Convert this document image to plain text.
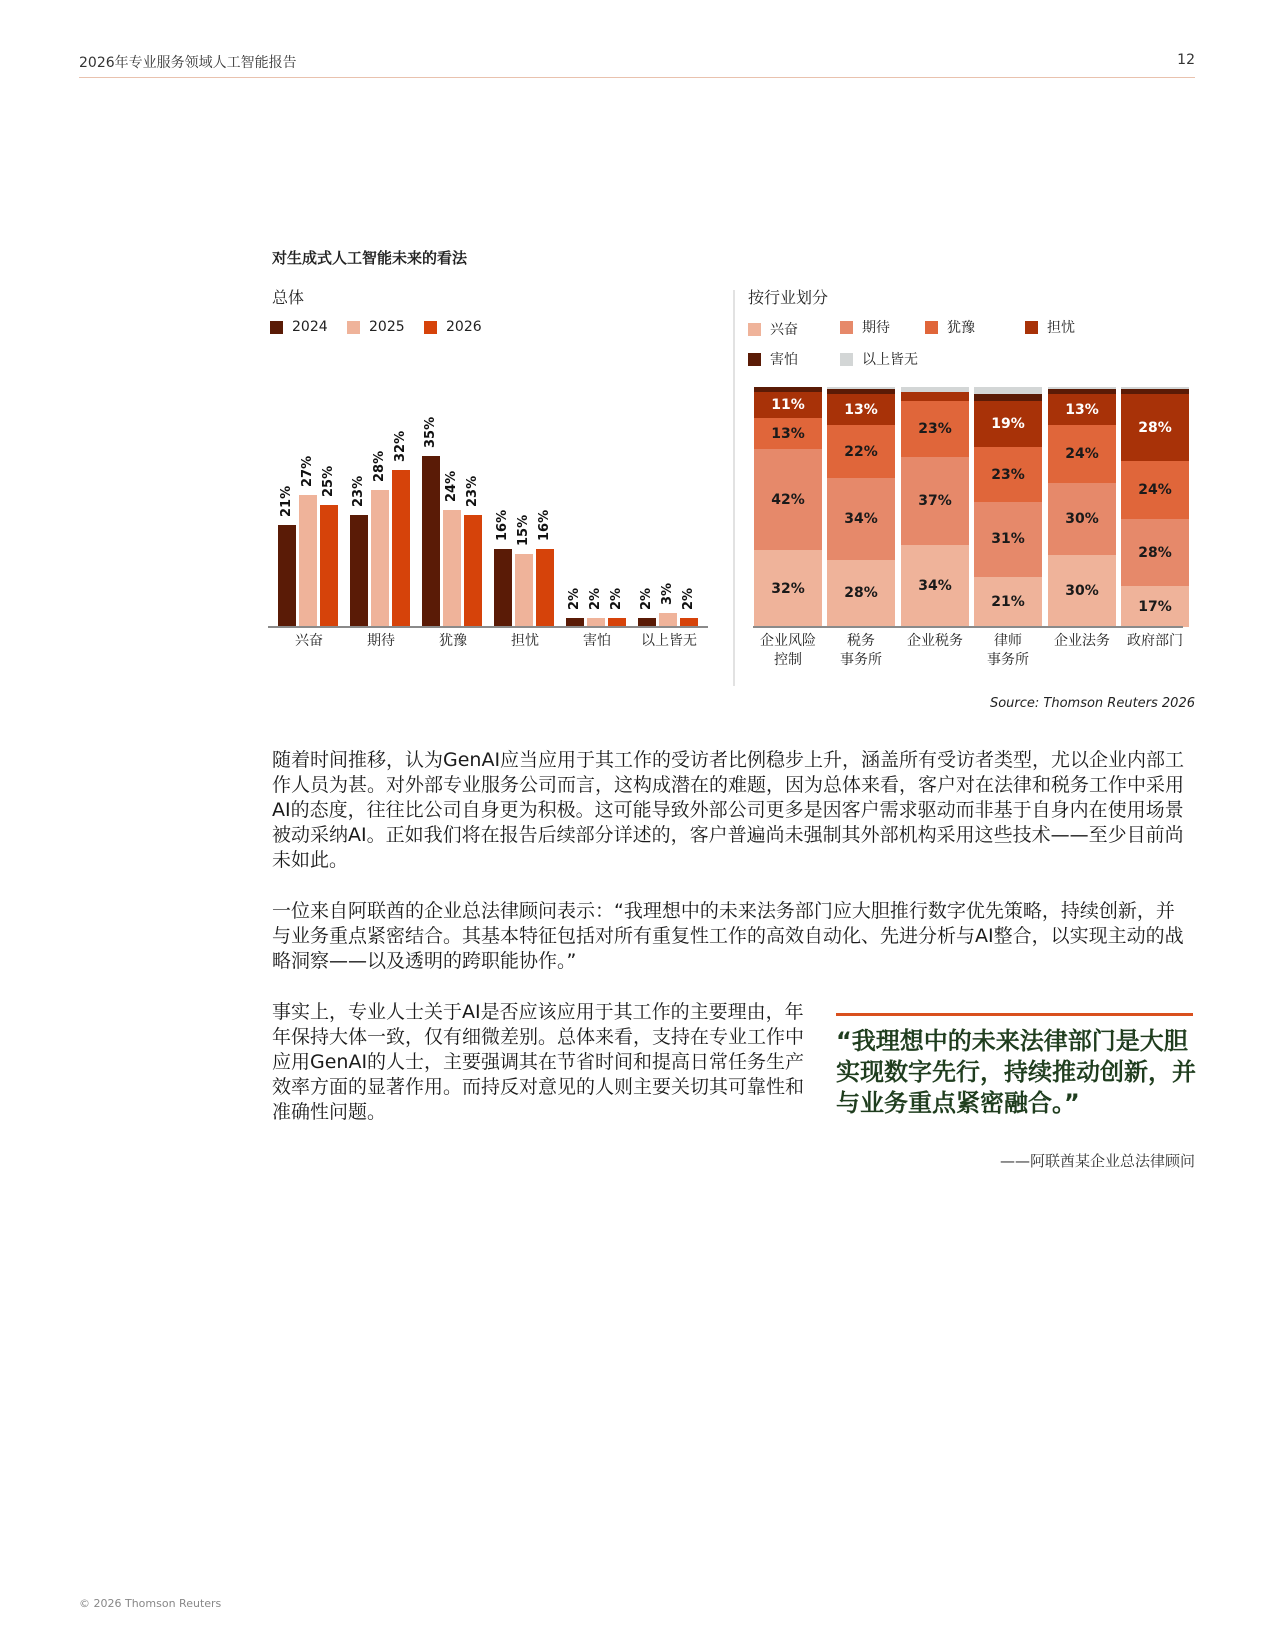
2026年专业服务领域人工智能报告	12
对生成式人工智能未来的看法
总体
2024	2025	2026
21%
27% 25% 23%
28%
32% 35%
24% 23%
16% 15% 16%
2% 2% 2% 2% 3% 2%
兴奋	期待	犹豫	担忧	害怕	以上皆无
按行业划分
兴奋	期待	犹豫	担忧
害怕	以上皆无
32%
42%
13%
11%
28%
34%
22%
13%
34%
37%
23%
21%
31%
23%
19%
30%
30%
24%
13%
17%
28%
24%
28%
企业风险
控制
税务
事务所
企业税务	律师
事务所
企业法务	政府部门
Source: Thomson Reuters 2026
随着时间推移，认为GenAI应当应用于其工作的受访者比例稳步上升，涵盖所有受访者类型，尤以企业内部工作人员为甚。对外部专业服务公司而言，这构成潜在的难题，因为总体来看，客户对在法律和税务工作中采用AI的态度，往往比公司自身更为积极。这可能导致外部公司更多是因客户需求驱动而非基于自身内在使用场景被动采纳AI。正如我们将在报告后续部分详述的，客户普遍尚未强制其外部机构采用这些技术——至少目前尚未如此。
一位来自阿联酋的企业总法律顾问表示：“我理想中的未来法务部门应大胆推行数字优先策略，持续创新，并与业务重点紧密结合。其基本特征包括对所有重复性工作的高效自动化、先进分析与AI整合，以实现主动的战略洞察——以及透明的跨职能协作。”
事实上，专业人士关于AI是否应该应用于其工作的主要理由，年年保持大体一致，仅有细微差别。总体来看，支持在专业工作中应用GenAI的人士，主要强调其在节省时间和提高日常任务生产效率方面的显著作用。而持反对意见的人则主要关切其可靠性和准确性问题。
“我理想中的未来法律部门是大胆实现数字先行，持续推动创新，并与业务重点紧密融合。”
——阿联酋某企业总法律顾问
© 2026 Thomson Reuters
